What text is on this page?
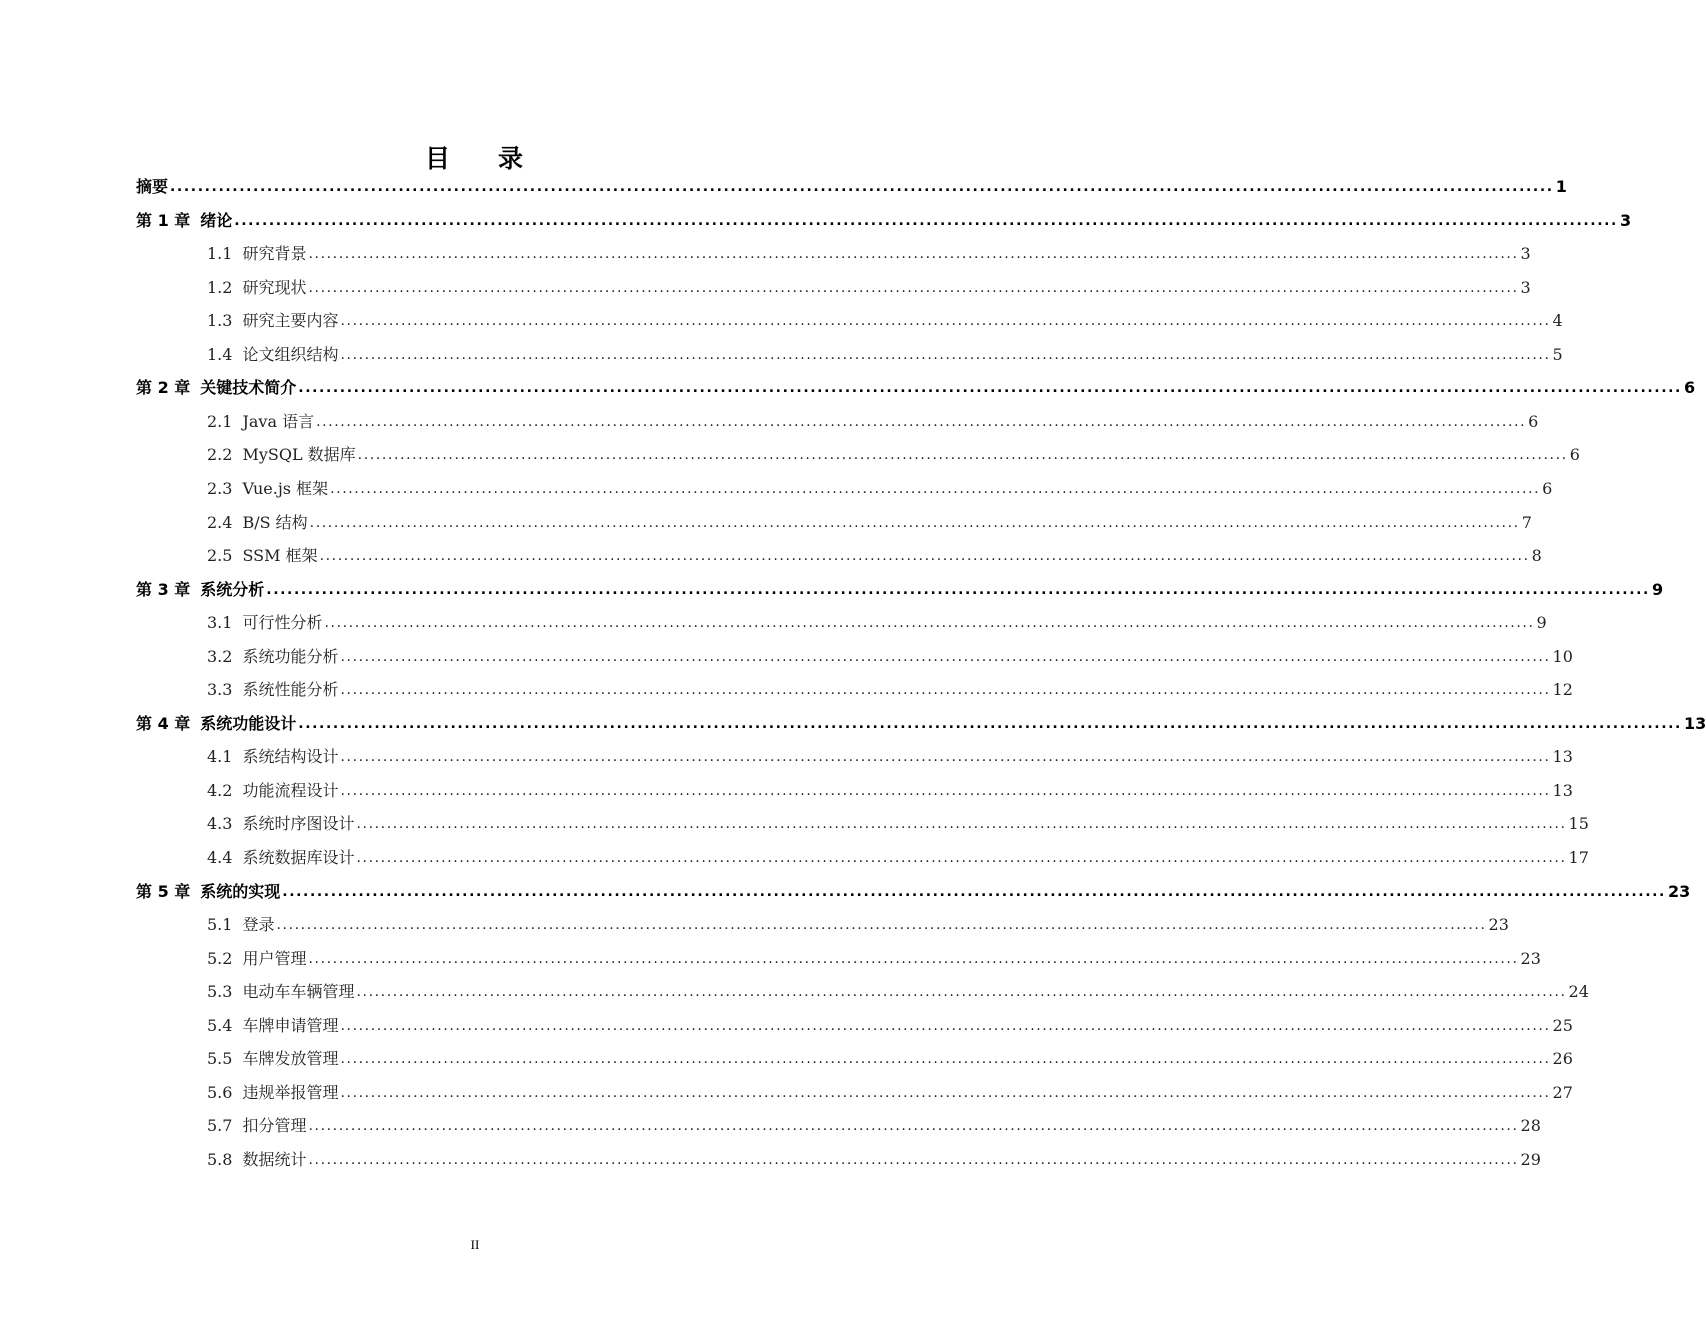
目 录
摘要 ........................................................................................................................................................................................................ 1
第 1 章 绪论 ........................................................................................................................................................................................................ 3
1.1 研究背景 ........................................................................................................................................................................................................ 3
1.2 研究现状 ........................................................................................................................................................................................................ 3
1.3 研究主要内容 ........................................................................................................................................................................................................ 4
1.4 论文组织结构 ........................................................................................................................................................................................................ 5
第 2 章 关键技术简介 ........................................................................................................................................................................................................ 6
2.1 Java 语言 ........................................................................................................................................................................................................ 6
2.2 MySQL 数据库 ........................................................................................................................................................................................................ 6
2.3 Vue.js 框架 ........................................................................................................................................................................................................ 6
2.4 B/S 结构 ........................................................................................................................................................................................................ 7
2.5 SSM 框架 ........................................................................................................................................................................................................ 8
第 3 章 系统分析 ........................................................................................................................................................................................................ 9
3.1 可行性分析 ........................................................................................................................................................................................................ 9
3.2 系统功能分析 ........................................................................................................................................................................................................ 10
3.3 系统性能分析 ........................................................................................................................................................................................................ 12
第 4 章 系统功能设计 ........................................................................................................................................................................................................ 13
4.1 系统结构设计 ........................................................................................................................................................................................................ 13
4.2 功能流程设计 ........................................................................................................................................................................................................ 13
4.3 系统时序图设计 ........................................................................................................................................................................................................ 15
4.4 系统数据库设计 ........................................................................................................................................................................................................ 17
第 5 章 系统的实现 ........................................................................................................................................................................................................ 23
5.1 登录 ........................................................................................................................................................................................................ 23
5.2 用户管理 ........................................................................................................................................................................................................ 23
5.3 电动车车辆管理 ........................................................................................................................................................................................................ 24
5.4 车牌申请管理 ........................................................................................................................................................................................................ 25
5.5 车牌发放管理 ........................................................................................................................................................................................................ 26
5.6 违规举报管理 ........................................................................................................................................................................................................ 27
5.7 扣分管理 ........................................................................................................................................................................................................ 28
5.8 数据统计 ........................................................................................................................................................................................................ 29
II
